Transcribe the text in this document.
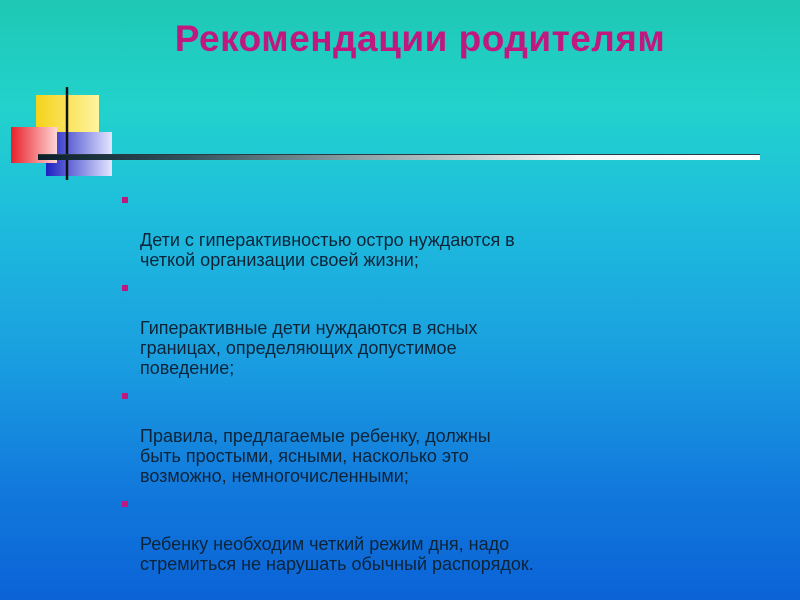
Рекомендации родителям

Дети с гиперактивностью остро нуждаются в
четкой организации своей жизни;

Гиперактивные дети нуждаются в ясных
границах, определяющих допустимое
поведение;

Правила, предлагаемые ребенку, должны
быть простыми, ясными, насколько это
возможно, немногочисленными;

Ребенку необходим четкий режим дня, надо
стремиться не нарушать обычный распорядок.
